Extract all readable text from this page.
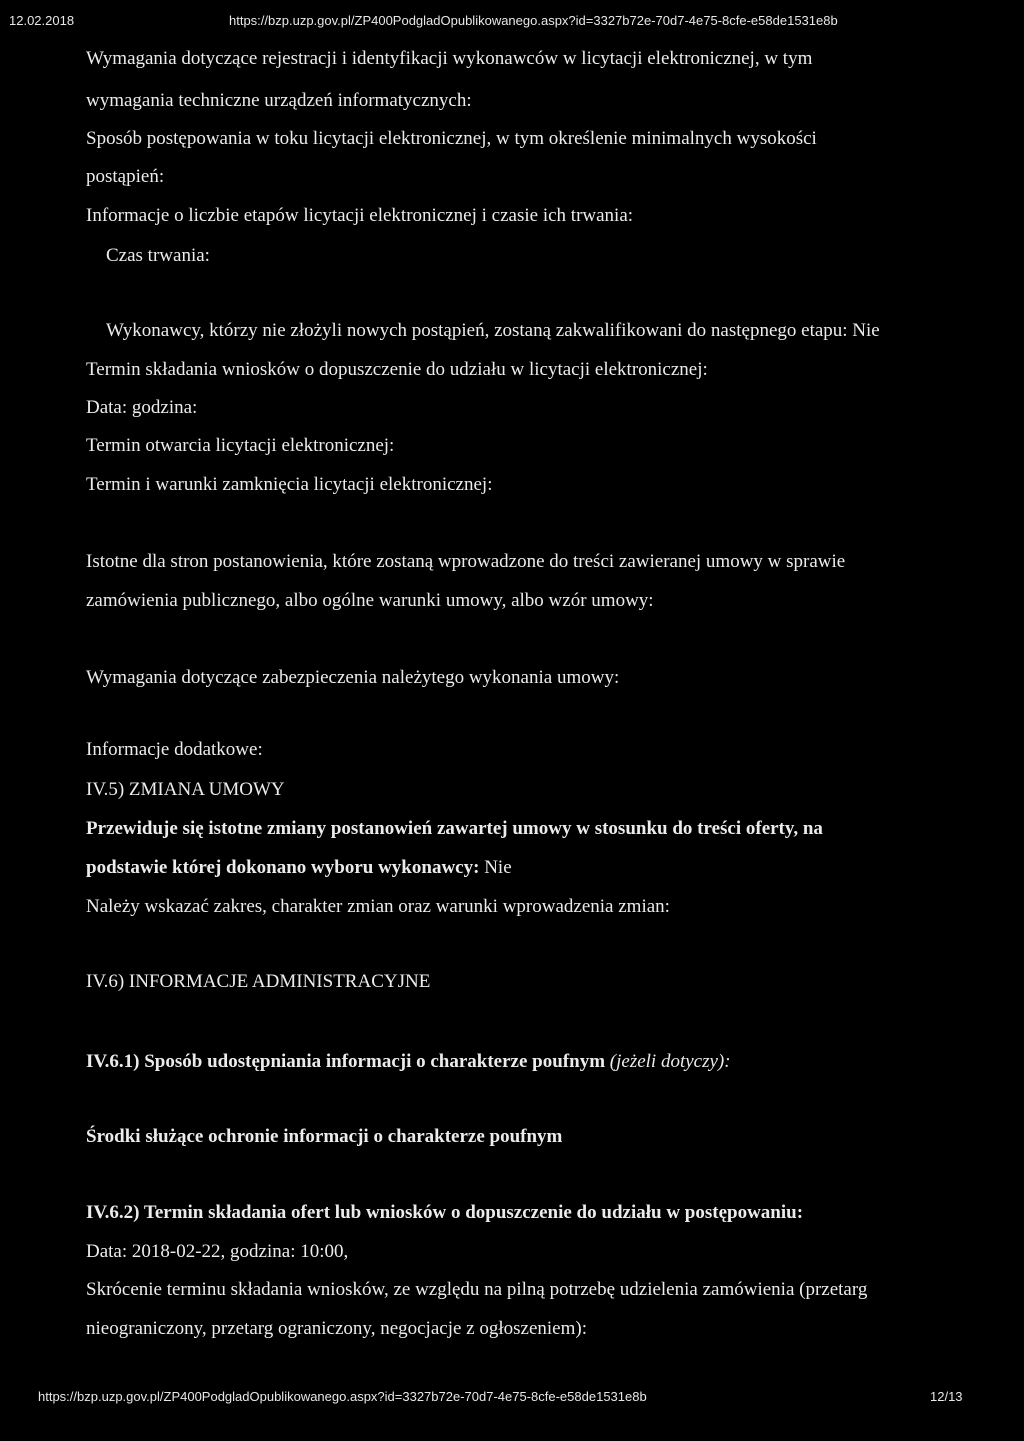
12.02.2018	https://bzp.uzp.gov.pl/ZP400PodgladOpublikowanego.aspx?id=3327b72e-70d7-4e75-8cfe-e58de1531e8b
Wymagania dotyczące rejestracji i identyfikacji wykonawców w licytacji elektronicznej, w tym
wymagania techniczne urządzeń informatycznych:
Sposób postępowania w toku licytacji elektronicznej, w tym określenie minimalnych wysokości
postąpień:
Informacje o liczbie etapów licytacji elektronicznej i czasie ich trwania:
Czas trwania:
Wykonawcy, którzy nie złożyli nowych postąpień, zostaną zakwalifikowani do następnego etapu: Nie
Termin składania wniosków o dopuszczenie do udziału w licytacji elektronicznej:
Data: godzina:
Termin otwarcia licytacji elektronicznej:
Termin i warunki zamknięcia licytacji elektronicznej:
Istotne dla stron postanowienia, które zostaną wprowadzone do treści zawieranej umowy w sprawie
zamówienia publicznego, albo ogólne warunki umowy, albo wzór umowy:
Wymagania dotyczące zabezpieczenia należytego wykonania umowy:
Informacje dodatkowe:
IV.5) ZMIANA UMOWY
Przewiduje się istotne zmiany postanowień zawartej umowy w stosunku do treści oferty, na
podstawie której dokonano wyboru wykonawcy: Nie
Należy wskazać zakres, charakter zmian oraz warunki wprowadzenia zmian:
IV.6) INFORMACJE ADMINISTRACYJNE
IV.6.1) Sposób udostępniania informacji o charakterze poufnym (jeżeli dotyczy):
Środki służące ochronie informacji o charakterze poufnym
IV.6.2) Termin składania ofert lub wniosków o dopuszczenie do udziału w postępowaniu:
Data: 2018-02-22, godzina: 10:00,
Skrócenie terminu składania wniosków, ze względu na pilną potrzebę udzielenia zamówienia (przetarg
nieograniczony, przetarg ograniczony, negocjacje z ogłoszeniem):
https://bzp.uzp.gov.pl/ZP400PodgladOpublikowanego.aspx?id=3327b72e-70d7-4e75-8cfe-e58de1531e8b	12/13
